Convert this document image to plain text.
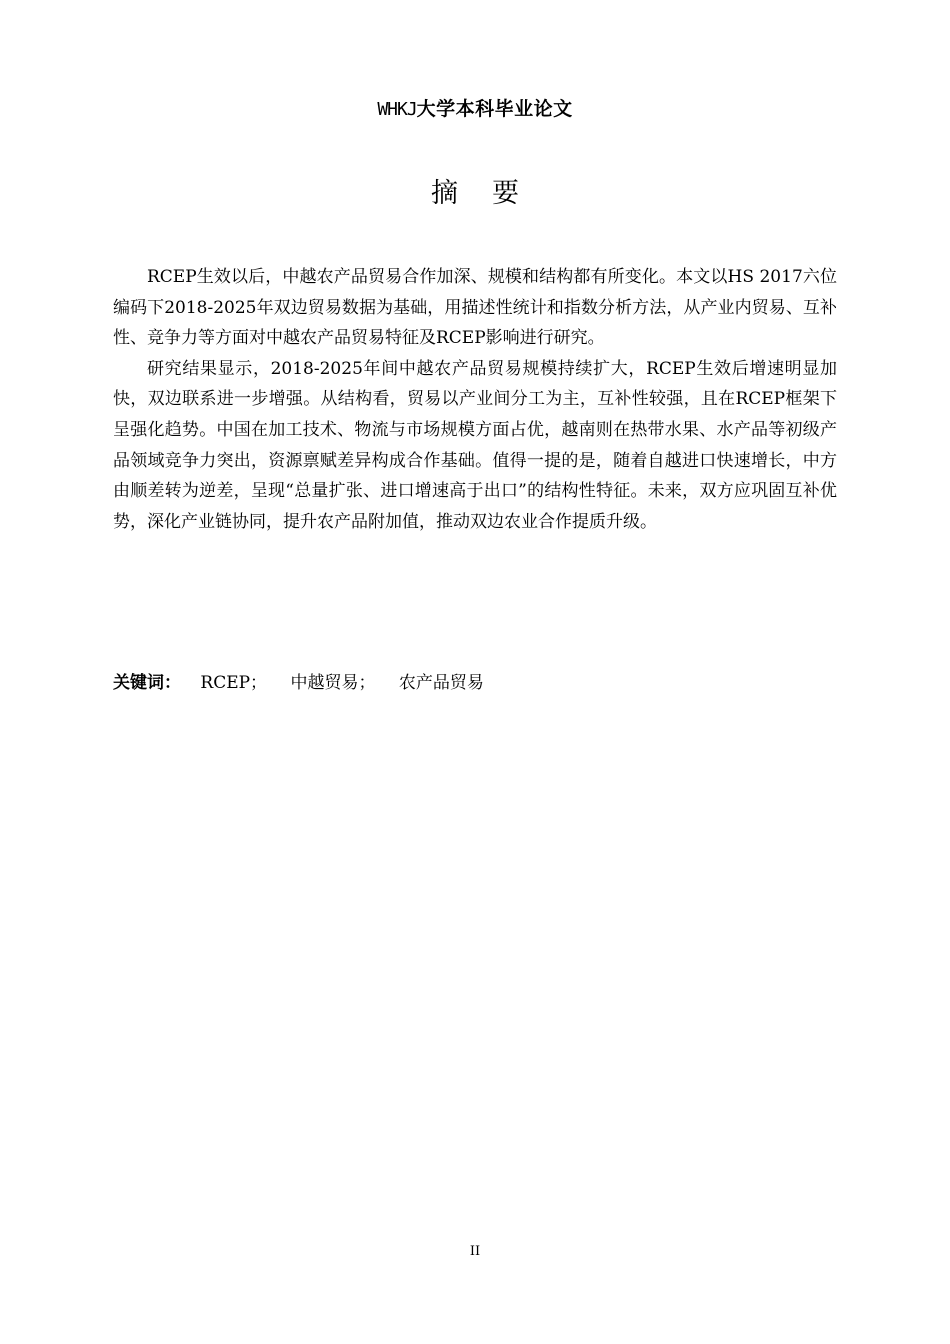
WHKJ大学本科毕业论文
摘要

RCEP生效以后，中越农产品贸易合作加深、规模和结构都有所变化。本文以HS 2017六位编码下2018-2025年双边贸易数据为基础，用描述性统计和指数分析方法，从产业内贸易、互补性、竞争力等方面对中越农产品贸易特征及RCEP影响进行研究。

研究结果显示，2018-2025年间中越农产品贸易规模持续扩大，RCEP生效后增速明显加快，双边联系进一步增强。从结构看，贸易以产业间分工为主，互补性较强，且在RCEP框架下呈强化趋势。中国在加工技术、物流与市场规模方面占优，越南则在热带水果、水产品等初级产品领域竞争力突出，资源禀赋差异构成合作基础。值得一提的是，随着自越进口快速增长，中方由顺差转为逆差，呈现“总量扩张、进口增速高于出口”的结构性特征。未来，双方应巩固互补优势，深化产业链协同，提升农产品附加值，推动双边农业合作提质升级。

关键词： RCEP； 中越贸易； 农产品贸易
II
